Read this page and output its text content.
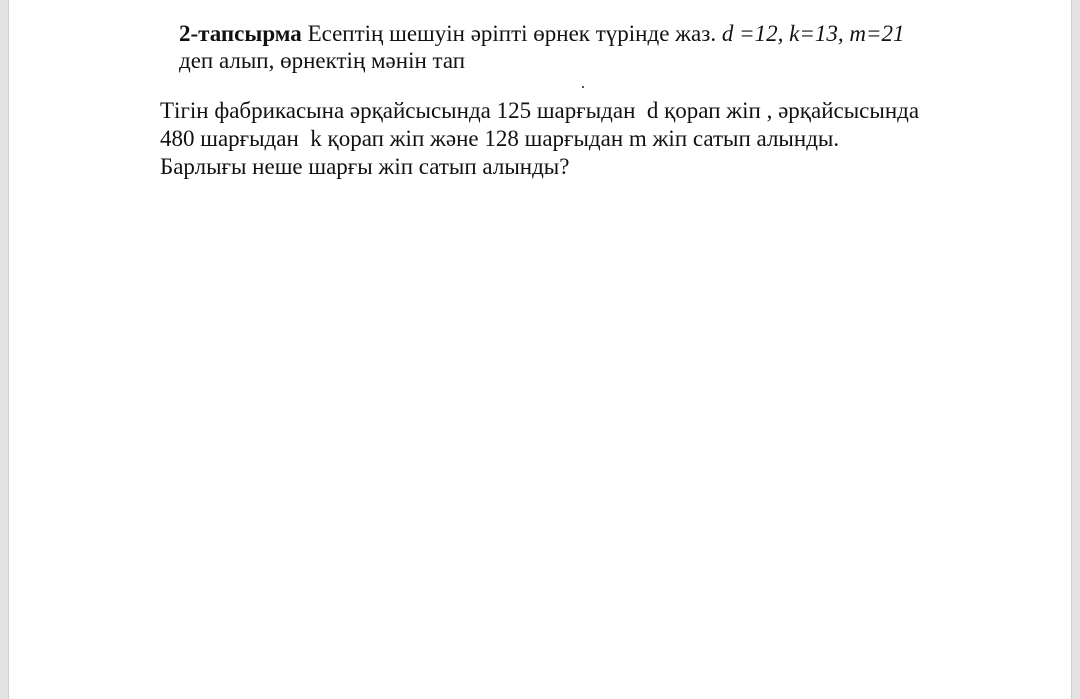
2-тапсырма Есептің шешуін әріпті өрнек түрінде жаз. d =12, k=13, m=21
деп алып, өрнектің мәнін тап
Тігін фабрикасына әрқайсысында 125 шарғыдан  d қорап жіп , әрқайсысында
480 шарғыдан  k қорап жіп және 128 шарғыдан m жіп сатып алынды.
Барлығы неше шарғы жіп сатып алынды?
